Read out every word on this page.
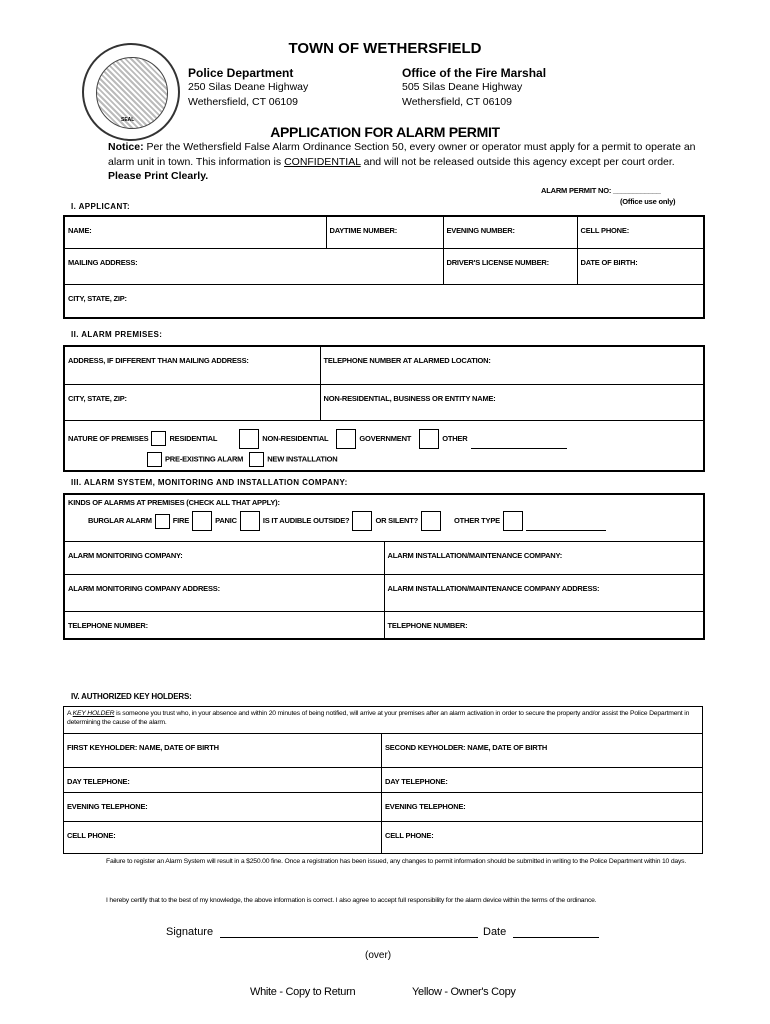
SEAL
TOWN OF WETHERSFIELD
Police Department
250 Silas Deane Highway
Wethersfield, CT 06109
Office of the Fire Marshal
505 Silas Deane Highway
Wethersfield, CT 06109
APPLICATION FOR ALARM PERMIT
Notice: Per the Wethersfield False Alarm Ordinance Section 50, every owner or operator must apply for a permit to operate an alarm unit in town. This information is CONFIDENTIAL and will not be released outside this agency except per court order. Please Print Clearly.
ALARM PERMIT NO: ____________
(Office use only)
I. APPLICANT:
NAME:	DAYTIME NUMBER:	EVENING NUMBER:	CELL PHONE:
MAILING ADDRESS:		DRIVER'S LICENSE NUMBER:	DATE OF BIRTH:
CITY, STATE, ZIP:			
II. ALARM PREMISES:
ADDRESS, IF DIFFERENT THAN MAILING ADDRESS:	TELEPHONE NUMBER AT ALARMED LOCATION:
CITY, STATE, ZIP:	NON-RESIDENTIAL, BUSINESS OR ENTITY NAME:

NATURE OF PREMISES RESIDENTIAL NON-RESIDENTIAL GOVERNMENT OTHER
PRE-EXISTING ALARM NEW INSTALLATION	
III. ALARM SYSTEM, MONITORING AND INSTALLATION COMPANY:
KINDS OF ALARMS AT PREMISES (CHECK ALL THAT APPLY):
BURGLAR ALARM FIRE PANIC IS IT AUDIBLE OUTSIDE? OR SILENT? OTHER TYPE	

ALARM MONITORING COMPANY:	ALARM INSTALLATION/MAINTENANCE COMPANY:
ALARM MONITORING COMPANY ADDRESS:	ALARM INSTALLATION/MAINTENANCE COMPANY ADDRESS:
TELEPHONE NUMBER:	TELEPHONE NUMBER:
IV. AUTHORIZED KEY HOLDERS:
A KEY HOLDER is someone you trust who, in your absence and within 20 minutes of being notified, will arrive at your premises after an alarm activation in order to secure the property and/or assist the Police Department in determining the cause of the alarm.	

FIRST KEYHOLDER: NAME, DATE OF BIRTH	SECOND KEYHOLDER: NAME, DATE OF BIRTH
DAY TELEPHONE:	DAY TELEPHONE:
EVENING TELEPHONE:	EVENING TELEPHONE:
CELL PHONE:	CELL PHONE:
Failure to register an Alarm System will result in a $250.00 fine. Once a registration has been issued, any changes to permit information should be submitted in writing to the Police Department within 10 days.
I hereby certify that to the best of my knowledge, the above information is correct. I also agree to accept full responsibility for the alarm device within the terms of the ordinance.
Signature	Date
(over)
White - Copy to Return	Yellow - Owner's Copy
